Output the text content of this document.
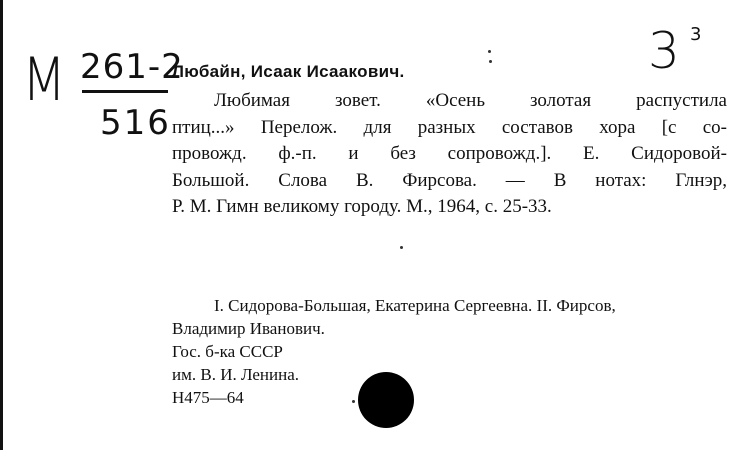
М 261-2
516
3 3
Любайн, Исаак Исаакович.
Любимая зовет. «Осень золотая распустила
птиц...» Перелож. для разных составов хора [с со-
провожд. ф.-п. и без сопровожд.]. Е. Сидоровой-
Большой. Слова В. Фирсова. — В нотах: Глнэр,
Р. М. Гимн великому городу. М., 1964, с. 25-33.
I. Сидорова-Большая, Екатерина Сергеевна. II. Фирсов,
Владимир Иванович.
Гос. б-ка СССР
им. В. И. Ленина.
Н475—64
